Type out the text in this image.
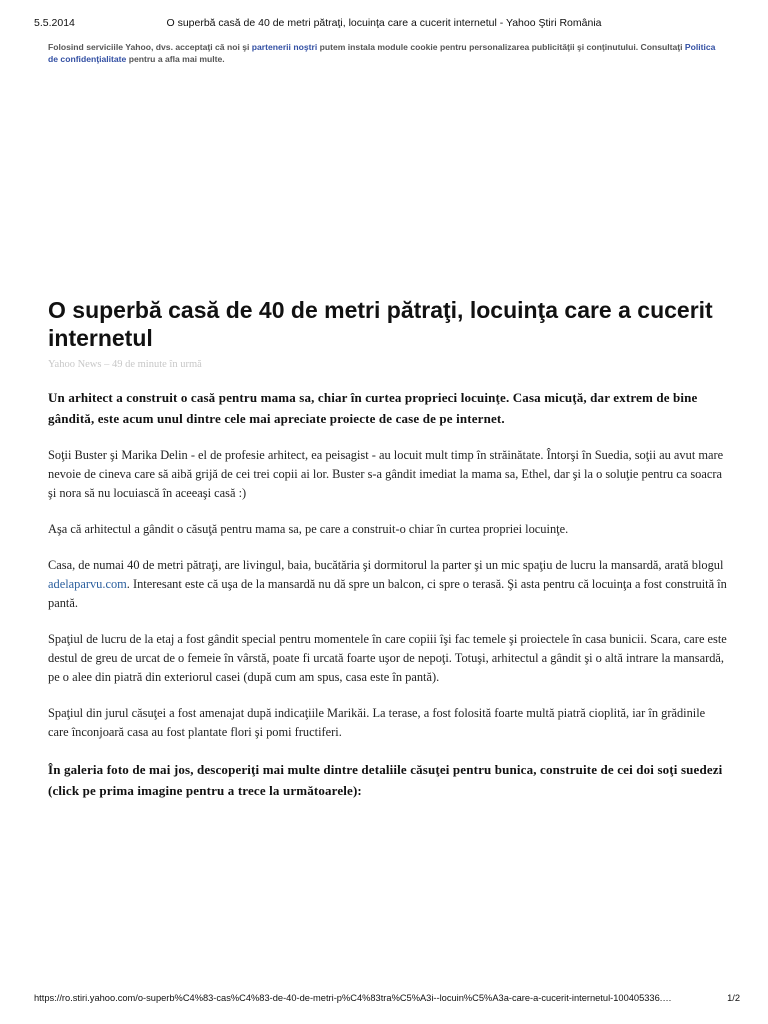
5.5.2014	O superbă casă de 40 de metri pătraţi, locuinţa care a cucerit internetul - Yahoo Ştiri România
Folosind serviciile Yahoo, dvs. acceptaţi că noi şi partenerii noştri putem instala module cookie pentru personalizarea publicităţii şi conţinutului. Consultaţi Politica de confidenţialitate pentru a afla mai multe.
O superbă casă de 40 de metri pătraţi, locuinţa care a cucerit internetul
Yahoo News – 49 de minute în urmă

Un arhitect a construit o casă pentru mama sa, chiar în curtea proprieci locuinţe. Casa micuţă, dar extrem de bine gândită, este acum unul dintre cele mai apreciate proiecte de case de pe internet.

Soţii Buster şi Marika Delin - el de profesie arhitect, ea peisagist - au locuit mult timp în străinătate. Întorşi în Suedia, soţii au avut mare nevoie de cineva care să aibă grijă de cei trei copii ai lor. Buster s-a gândit imediat la mama sa, Ethel, dar şi la o soluţie pentru ca soacra şi nora să nu locuiască în aceeaşi casă :)

Aşa că arhitectul a gândit o căsuţă pentru mama sa, pe care a construit-o chiar în curtea propriei locuinţe.

Casa, de numai 40 de metri pătraţi, are livingul, baia, bucătăria şi dormitorul la parter şi un mic spaţiu de lucru la mansardă, arată blogul adelaparvu.com. Interesant este că uşa de la mansardă nu dă spre un balcon, ci spre o terasă. Şi asta pentru că locuinţa a fost construită în pantă.

Spaţiul de lucru de la etaj a fost gândit special pentru momentele în care copiii îşi fac temele şi proiectele în casa bunicii. Scara, care este destul de greu de urcat de o femeie în vârstă, poate fi urcată foarte uşor de nepoţi. Totuşi, arhitectul a gândit şi o altă intrare la mansardă, pe o alee din piatră din exteriorul casei (după cum am spus, casa este în pantă).

Spaţiul din jurul căsuţei a fost amenajat după indicaţiile Marikăi. La terase, a fost folosită foarte multă piatră cioplită, iar în grădinile care înconjoară casa au fost plantate flori şi pomi fructiferi.

În galeria foto de mai jos, descoperiţi mai multe dintre detaliile căsuţei pentru bunica, construite de cei doi soţi suedezi (click pe prima imagine pentru a trece la următoarele):

https://ro.stiri.yahoo.com/o-superb%C4%83-cas%C4%83-de-40-de-metri-p%C4%83tra%C5%A3i--locuin%C5%A3a-care-a-cucerit-internetul-100405336.…	1/2
